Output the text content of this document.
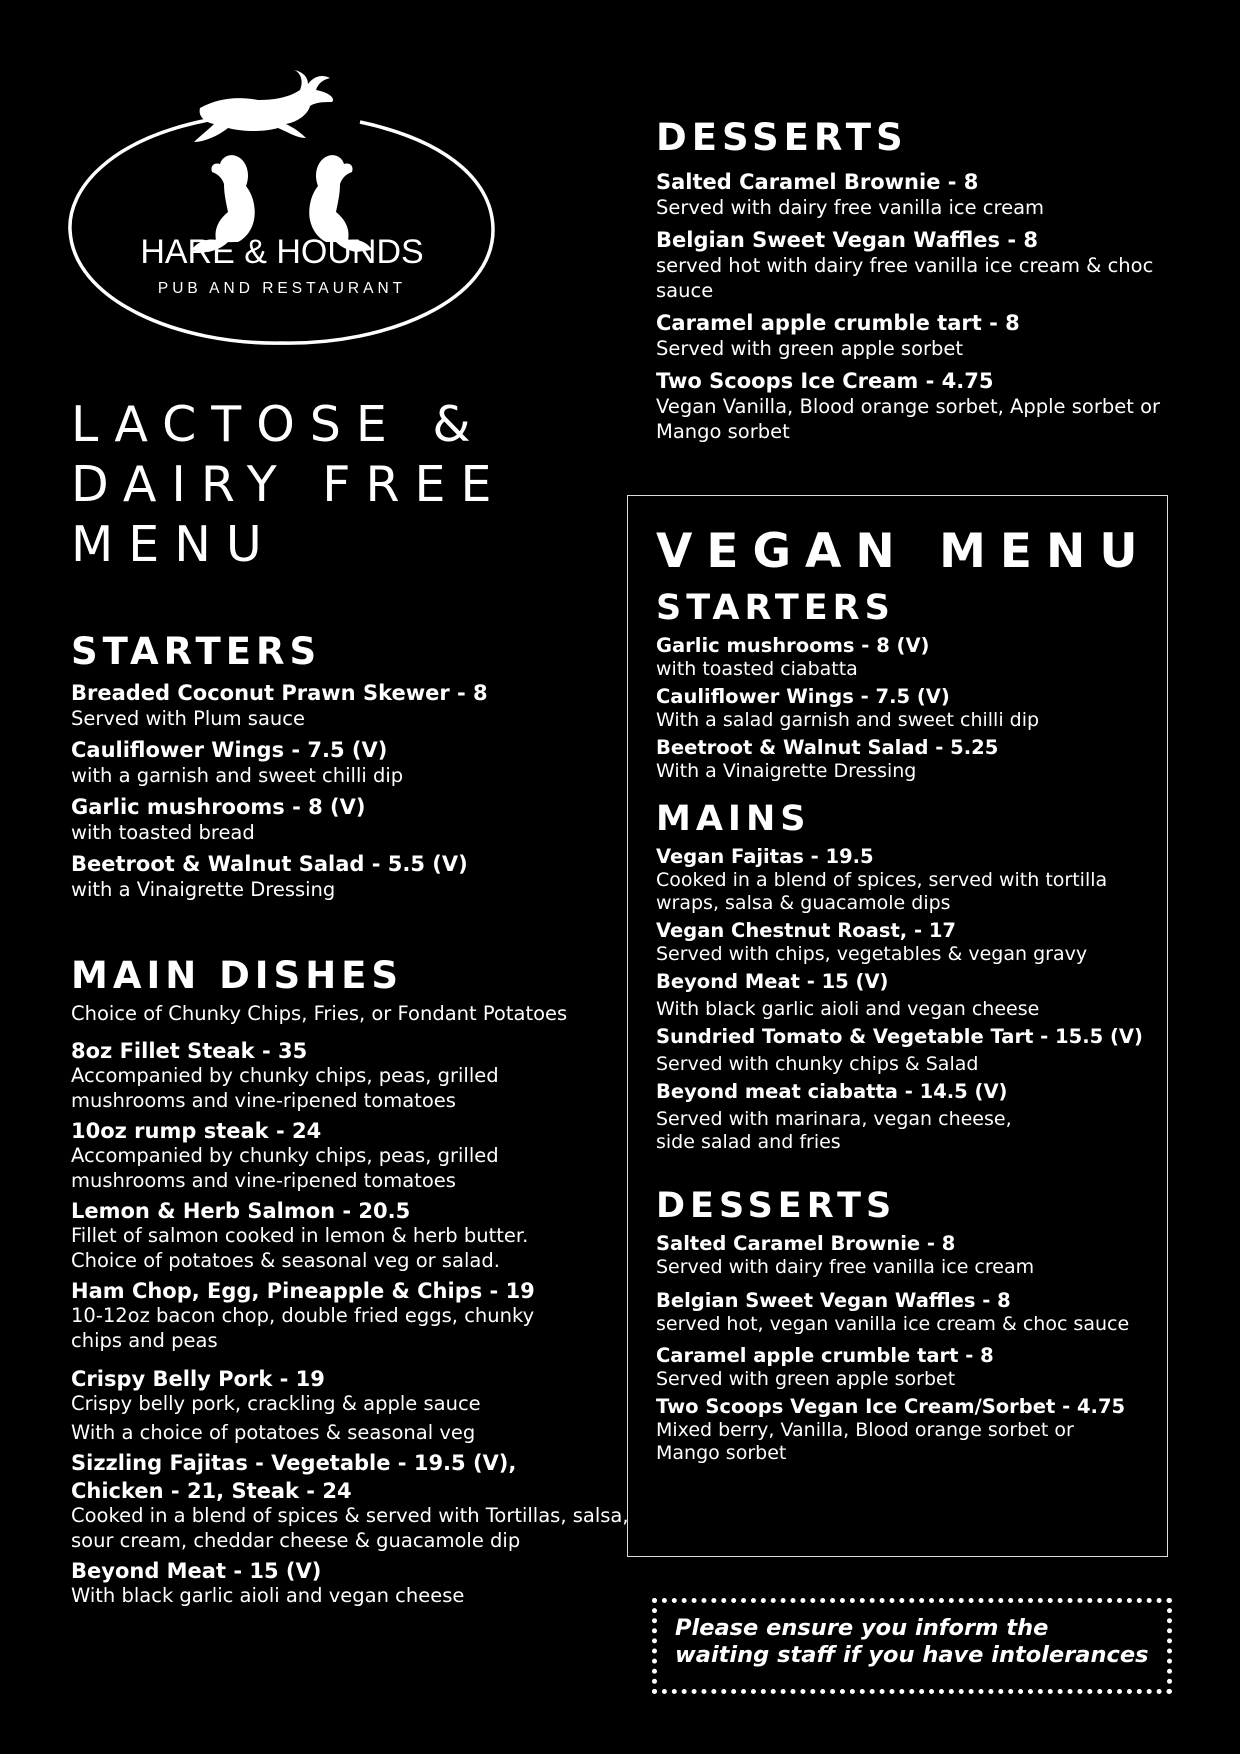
HARE & HOUNDS
PUB AND RESTAURANT
LACTOSE &
DAIRY FREE
MENU
STARTERS
Breaded Coconut Prawn Skewer - 8
Served with Plum sauce
Cauliflower Wings - 7.5 (V)
with a garnish and sweet chilli dip
Garlic mushrooms - 8 (V)
with toasted bread
Beetroot & Walnut Salad - 5.5 (V)
with a Vinaigrette Dressing
MAIN DISHES
Choice of Chunky Chips, Fries, or Fondant Potatoes
8oz Fillet Steak - 35
Accompanied by chunky chips, peas, grilled mushrooms and vine-ripened tomatoes
10oz rump steak - 24
Accompanied by chunky chips, peas, grilled mushrooms and vine-ripened tomatoes
Lemon & Herb Salmon - 20.5
Fillet of salmon cooked in lemon & herb butter. Choice of potatoes & seasonal veg or salad.
Ham Chop, Egg, Pineapple & Chips - 19
10-12oz bacon chop, double fried eggs, chunky chips and peas
Crispy Belly Pork - 19
Crispy belly pork, crackling & apple sauce
With a choice of potatoes & seasonal veg
Sizzling Fajitas - Vegetable - 19.5 (V),
Chicken - 21, Steak - 24
Cooked in a blend of spices & served with Tortillas, salsa, sour cream, cheddar cheese & guacamole dip
Beyond Meat - 15 (V)
With black garlic aioli and vegan cheese
DESSERTS
Salted Caramel Brownie - 8
Served with dairy free vanilla ice cream
Belgian Sweet Vegan Waffles - 8
served hot with dairy free vanilla ice cream & choc sauce
Caramel apple crumble tart - 8
Served with green apple sorbet
Two Scoops Ice Cream - 4.75
Vegan Vanilla, Blood orange sorbet, Apple sorbet or Mango sorbet
VEGAN MENU
STARTERS
Garlic mushrooms - 8 (V)
with toasted ciabatta
Cauliflower Wings - 7.5 (V)
With a salad garnish and sweet chilli dip
Beetroot & Walnut Salad - 5.25
With a Vinaigrette Dressing
MAINS
Vegan Fajitas - 19.5
Cooked in a blend of spices, served with tortilla wraps, salsa & guacamole dips
Vegan Chestnut Roast, - 17
Served with chips, vegetables & vegan gravy
Beyond Meat - 15 (V)
With black garlic aioli and vegan cheese
Sundried Tomato & Vegetable Tart - 15.5 (V)
Served with chunky chips & Salad
Beyond meat ciabatta - 14.5 (V)
Served with marinara, vegan cheese, side salad and fries
DESSERTS
Salted Caramel Brownie - 8
Served with dairy free vanilla ice cream
Belgian Sweet Vegan Waffles - 8
served hot, vegan vanilla ice cream & choc sauce
Caramel apple crumble tart - 8
Served with green apple sorbet
Two Scoops Vegan Ice Cream/Sorbet - 4.75
Mixed berry, Vanilla, Blood orange sorbet or Mango sorbet
Please ensure you inform the waiting staff if you have intolerances
